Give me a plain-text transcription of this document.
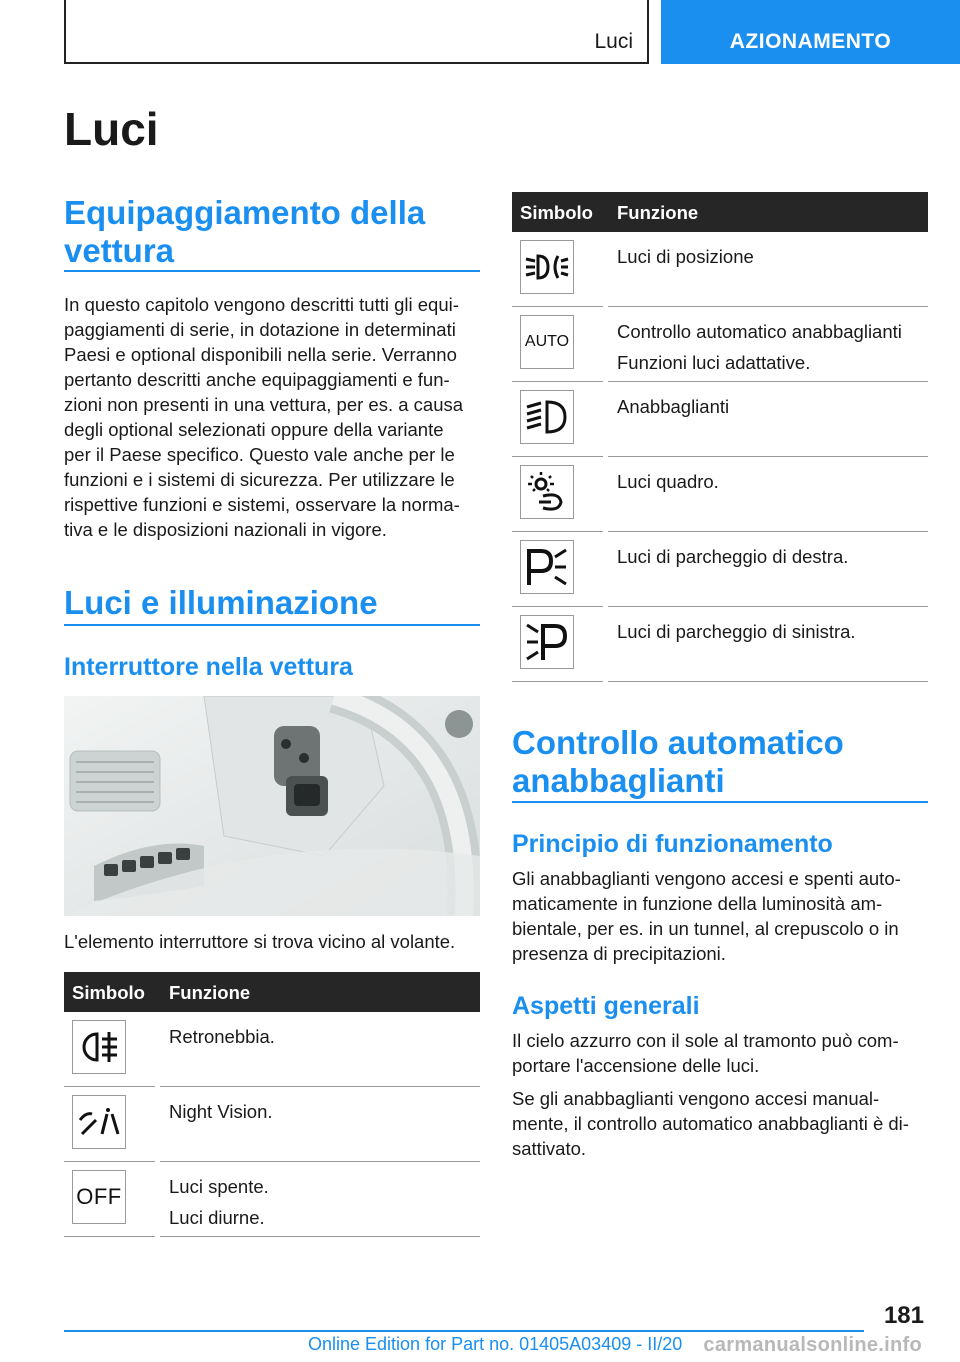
Luci	AZIONAMENTO
Luci
Equipaggiamento della
vettura
In questo capitolo vengono descritti tutti gli equi-
paggiamenti di serie, in dotazione in determinati
Paesi e optional disponibili nella serie. Verranno
pertanto descritti anche equipaggiamenti e fun-
zioni non presenti in una vettura, per es. a causa
degli optional selezionati oppure della variante
per il Paese specifico. Questo vale anche per le
funzioni e i sistemi di sicurezza. Per utilizzare le
rispettive funzioni e sistemi, osservare la norma-
tiva e le disposizioni nazionali in vigore.
Luci e illuminazione
Interruttore nella vettura
L'elemento interruttore si trova vicino al volante.
Simbolo Funzione
Retronebbia.
Night Vision.
OFF	Luci spente.
Luci diurne.
Simbolo Funzione
Luci di posizione
AUTO	Controllo automatico anabbaglianti
Funzioni luci adattative.
Anabbaglianti
Luci quadro.
Luci di parcheggio di destra.
Luci di parcheggio di sinistra.
Controllo automatico
anabbaglianti
Principio di funzionamento
Gli anabbaglianti vengono accesi e spenti auto-
maticamente in funzione della luminosità am-
bientale, per es. in un tunnel, al crepuscolo o in
presenza di precipitazioni.
Aspetti generali
Il cielo azzurro con il sole al tramonto può com-
portare l'accensione delle luci.
Se gli anabbaglianti vengono accesi manual-
mente, il controllo automatico anabbaglianti è di-
sattivato.
181
Online Edition for Part no. 01405A03409 - II/20 carmanualsonline.info
